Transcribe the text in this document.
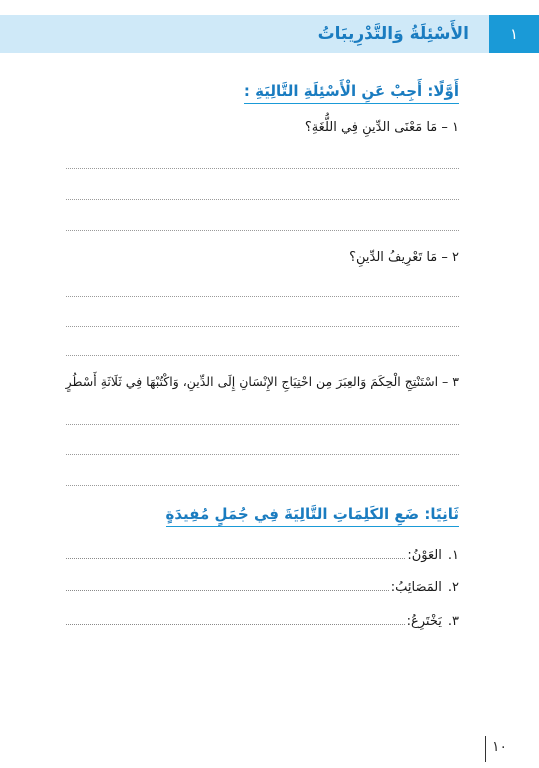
١
الأَسْئِلَةُ وَالتَّدْرِيبَاتُ
أَوَّلًا: أَجِبْ عَنِ الْأَسْئِلَةِ التَّالِيَةِ :
١ – مَا مَعْنَى الدِّينِ فِي اللُّغَةِ؟
٢ – مَا تَعْرِيفُ الدِّينِ؟
٣ – اسْتَنْتِجِ الْحِكَمَ وَالعِبَرَ مِن احْتِيَاجِ الإِنْسَانِ إِلَى الدِّينِ، وَاكْتُبْهَا فِي ثَلَاثَةِ أَسْطُرٍ
ثَانِيًا: ضَعِ الكَلِمَاتِ التَّالِيَةَ فِي جُمَلٍ مُفِيدَةٍ
١.
العَوْنُ:
٢.
المَصَائِبُ:
٣.
يَخْتَرِعُ:
١٠
